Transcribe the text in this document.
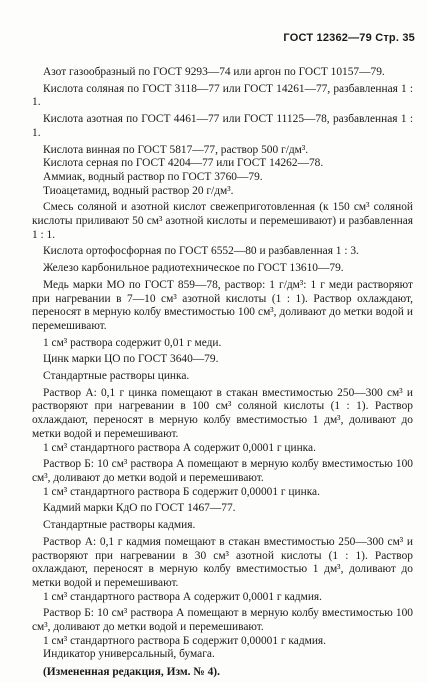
ГОСТ 12362—79 Стр. 35

Азот газообразный по ГОСТ 9293—74 или аргон по ГОСТ 10157—79.

Кислота соляная по ГОСТ 3118—77 или ГОСТ 14261—77, разбавленная 1 : 1.

Кислота азотная по ГОСТ 4461—77 или ГОСТ 11125—78, разбавленная 1 : 1.

Кислота винная по ГОСТ 5817—77, раствор 500 г/дм³.

Кислота серная по ГОСТ 4204—77 или ГОСТ 14262—78.

Аммиак, водный раствор по ГОСТ 3760—79.

Тиоацетамид, водный раствор 20 г/дм³.

Смесь соляной и азотной кислот свежеприготовленная (к 150 см³ соляной кислоты приливают 50 см³ азотной кислоты и перемешивают) и разбавленная 1 : 1.

Кислота ортофосфорная по ГОСТ 6552—80 и разбавленная 1 : 3.

Железо карбонильное радиотехническое по ГОСТ 13610—79.

Медь марки МО по ГОСТ 859—78, раствор: 1 г/дм³: 1 г меди растворяют при нагревании в 7—10 см³ азотной кислоты (1 : 1). Раствор охлаждают, переносят в мерную колбу вместимостью 100 см³, доливают до метки водой и перемешивают.

1 см³ раствора содержит 0,01 г меди.

Цинк марки ЦО по ГОСТ 3640—79.

Стандартные растворы цинка.

Раствор А: 0,1 г цинка помещают в стакан вместимостью 250—300 см³ и растворяют при нагревании в 100 см³ соляной кислоты (1 : 1). Раствор охлаждают, переносят в мерную колбу вместимостью 1 дм³, доливают до метки водой и перемешивают.

1 см³ стандартного раствора А содержит 0,0001 г цинка.

Раствор Б: 10 см³ раствора А помещают в мерную колбу вместимостью 100 см³, доливают до метки водой и перемешивают.

1 см³ стандартного раствора Б содержит 0,00001 г цинка.

Кадмий марки КдО по ГОСТ 1467—77.

Стандартные растворы кадмия.

Раствор А: 0,1 г кадмия помещают в стакан вместимостью 250—300 см³ и растворяют при нагревании в 30 см³ азотной кислоты (1 : 1). Раствор охлаждают, переносят в мерную колбу вместимостью 1 дм³, доливают до метки водой и перемешивают.

1 см³ стандартного раствора А содержит 0,0001 г кадмия.

Раствор Б: 10 см³ раствора А помещают в мерную колбу вместимостью 100 см³, доливают до метки водой и перемешивают.

1 см³ стандартного раствора Б содержит 0,00001 г кадмия.

Индикатор универсальный, бумага.

(Измененная редакция, Изм. № 4).
